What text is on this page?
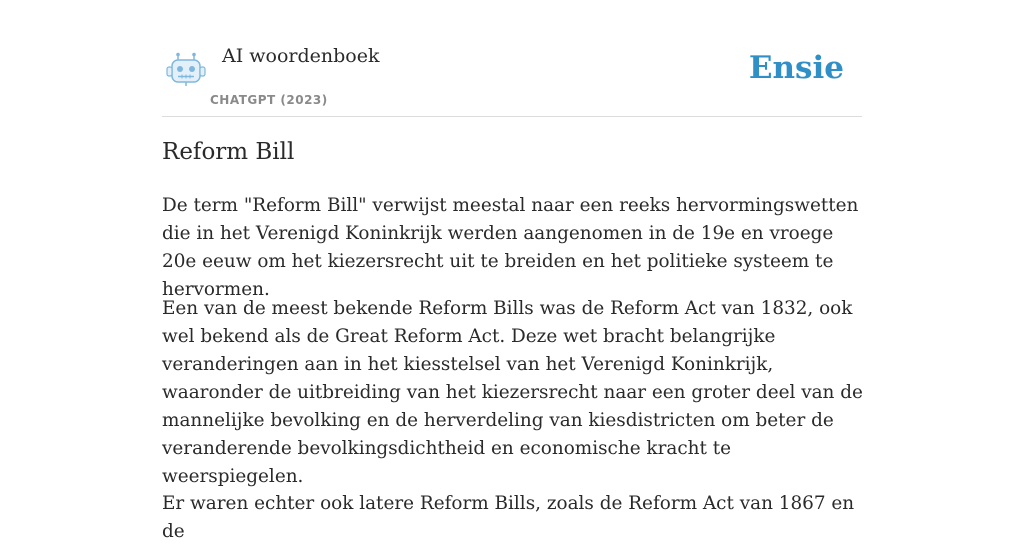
AI woordenboek
CHATGPT (2023)
Ensie
Reform Bill

De term "Reform Bill" verwijst meestal naar een reeks hervormingswetten die in het Verenigd Koninkrijk werden aangenomen in de 19e en vroege 20e eeuw om het kiezersrecht uit te breiden en het politieke systeem te hervormen.

Een van de meest bekende Reform Bills was de Reform Act van 1832, ook wel bekend als de Great Reform Act. Deze wet bracht belangrijke veranderingen aan in het kiesstelsel van het Verenigd Koninkrijk, waaronder de uitbreiding van het kiezersrecht naar een groter deel van de mannelijke bevolking en de herverdeling van kiesdistricten om beter de veranderende bevolkingsdichtheid en economische kracht te weerspiegelen.

Er waren echter ook latere Reform Bills, zoals de Reform Act van 1867 en de
